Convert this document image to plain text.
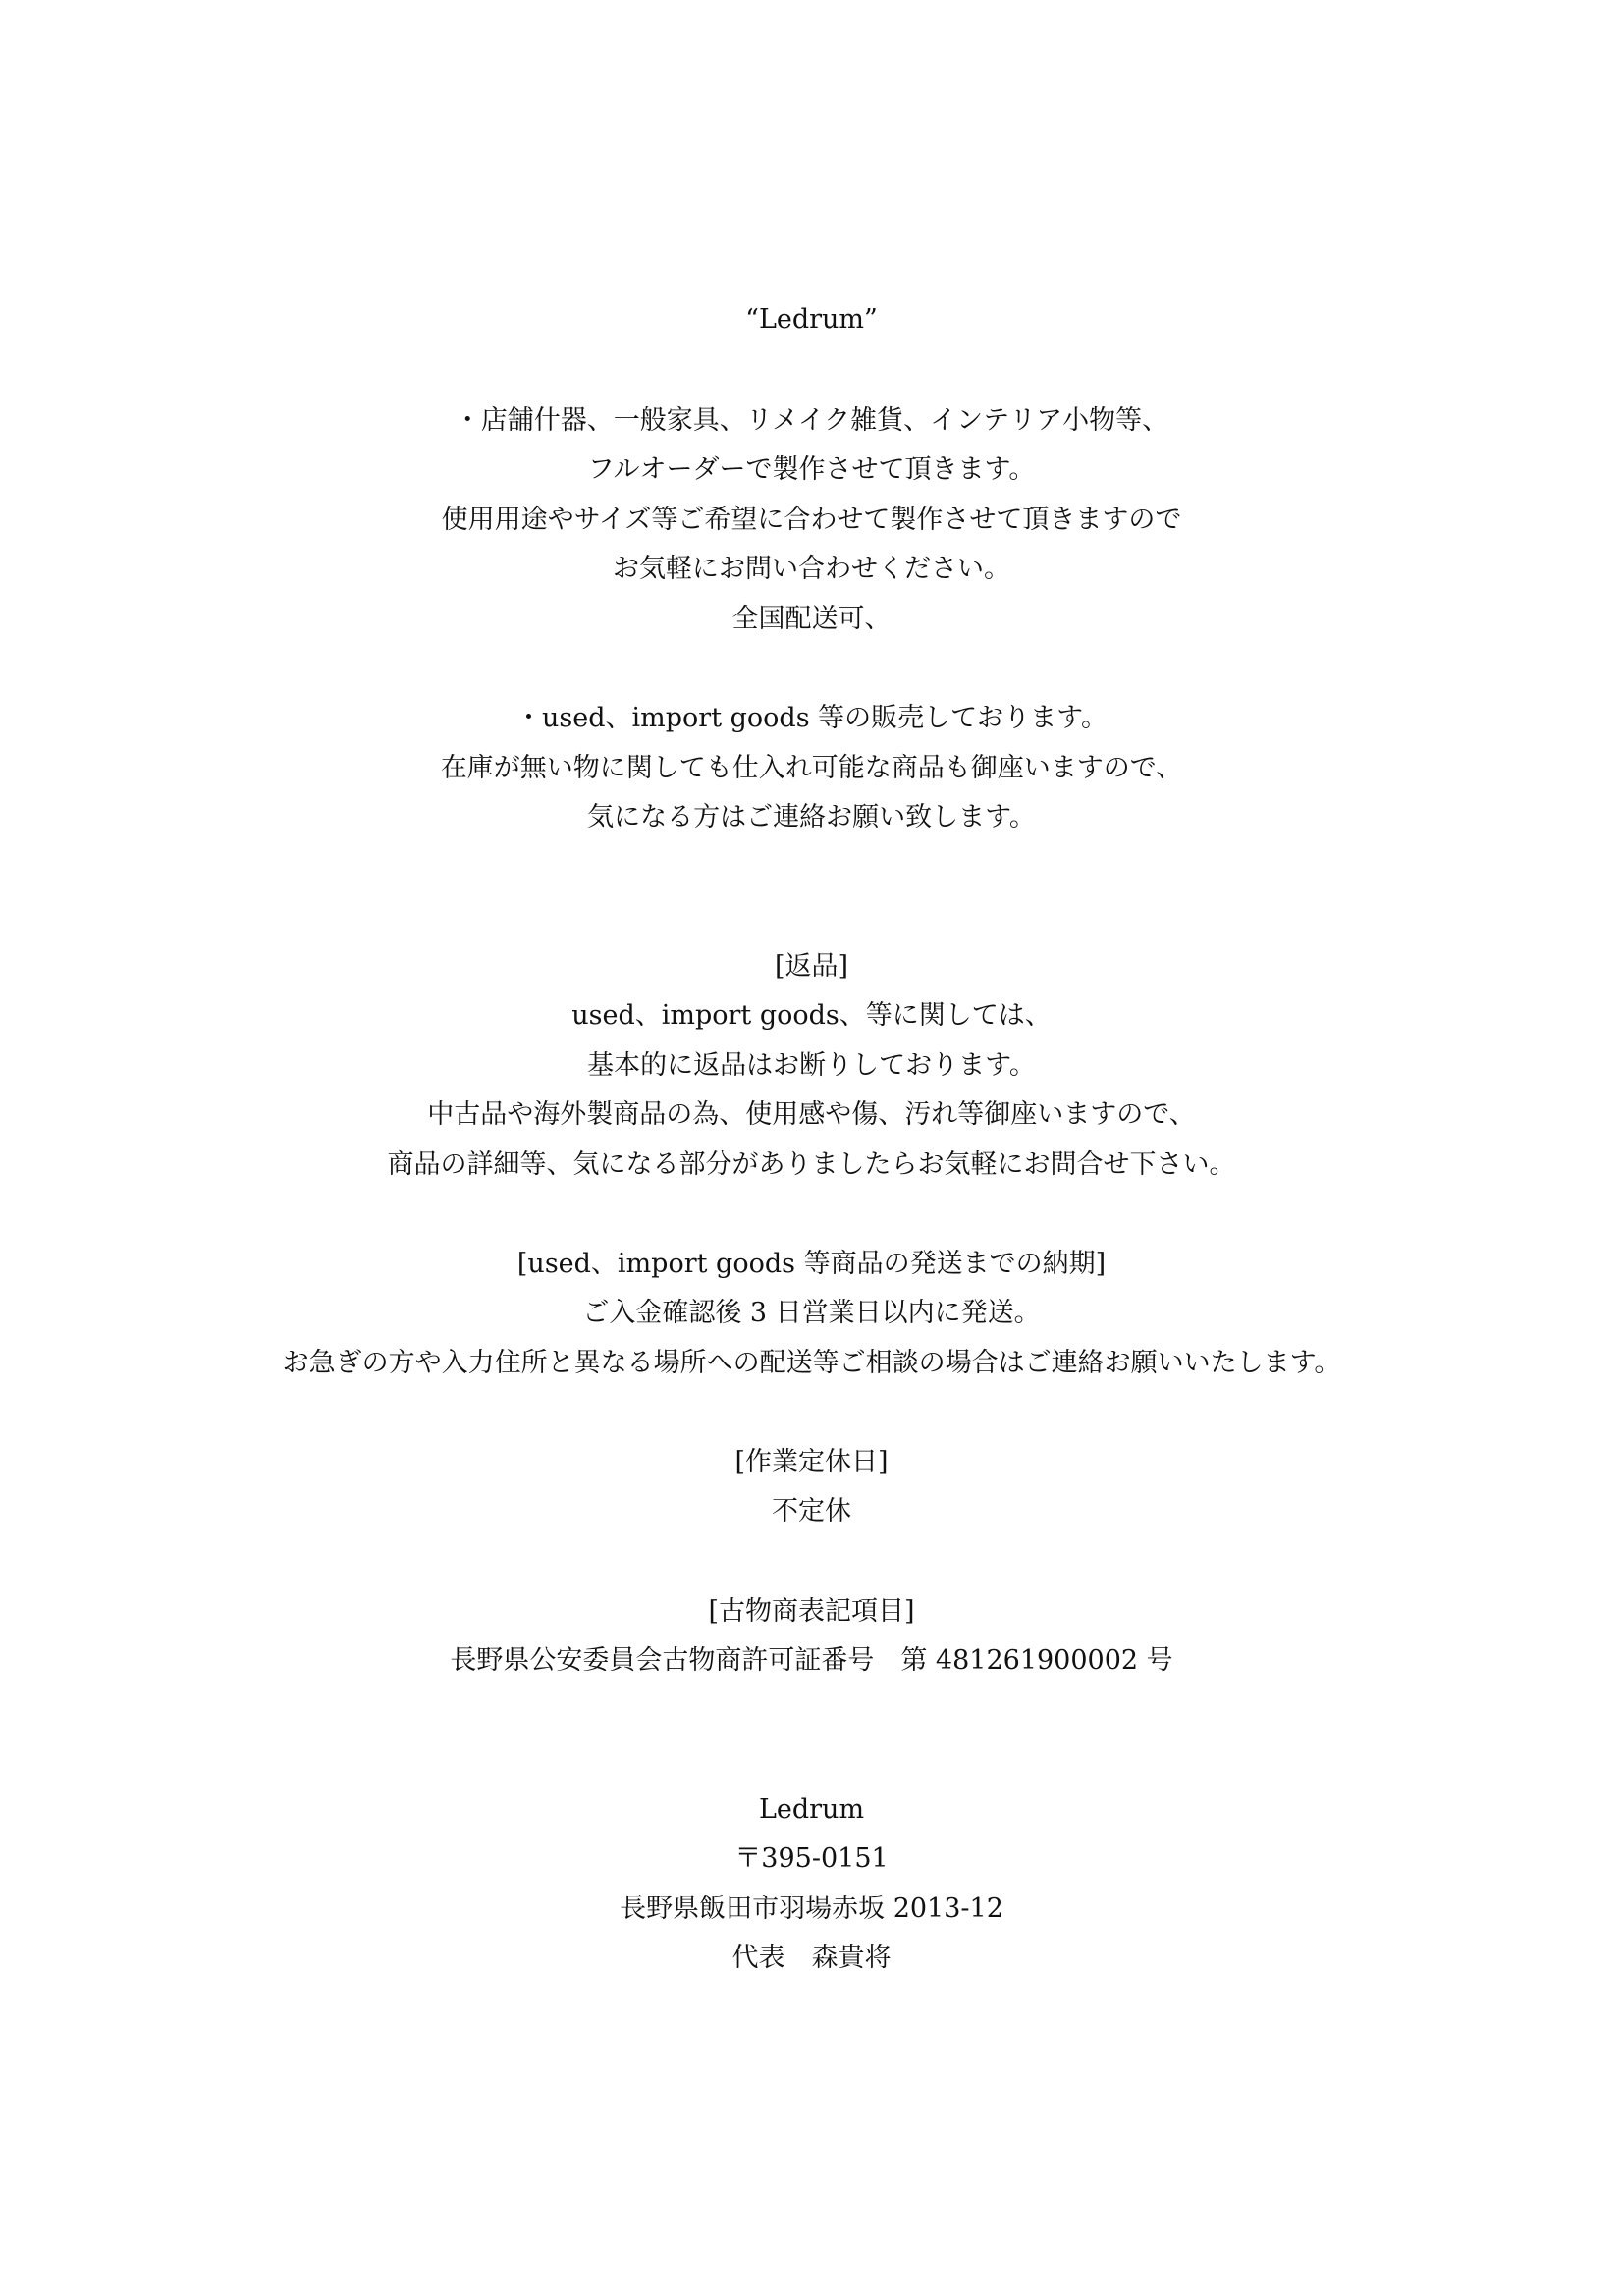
“Ledrum”
・店舗什器、一般家具、リメイク雑貨、インテリア小物等、
フルオーダーで製作させて頂きます。
使用用途やサイズ等ご希望に合わせて製作させて頂きますので
お気軽にお問い合わせください。
全国配送可、
・used、import goods 等の販売しております。
在庫が無い物に関しても仕入れ可能な商品も御座いますので、
気になる方はご連絡お願い致します。
[返品]
used、import goods、等に関しては、
基本的に返品はお断りしております。
中古品や海外製商品の為、使用感や傷、汚れ等御座いますので、
商品の詳細等、気になる部分がありましたらお気軽にお問合せ下さい。
[used、import goods 等商品の発送までの納期]
ご入金確認後 3 日営業日以内に発送。
お急ぎの方や入力住所と異なる場所への配送等ご相談の場合はご連絡お願いいたします。
[作業定休日]
不定休
[古物商表記項目]
長野県公安委員会古物商許可証番号　第 481261900002 号
Ledrum
〒395-0151
長野県飯田市羽場赤坂 2013-12
代表　森貴将
